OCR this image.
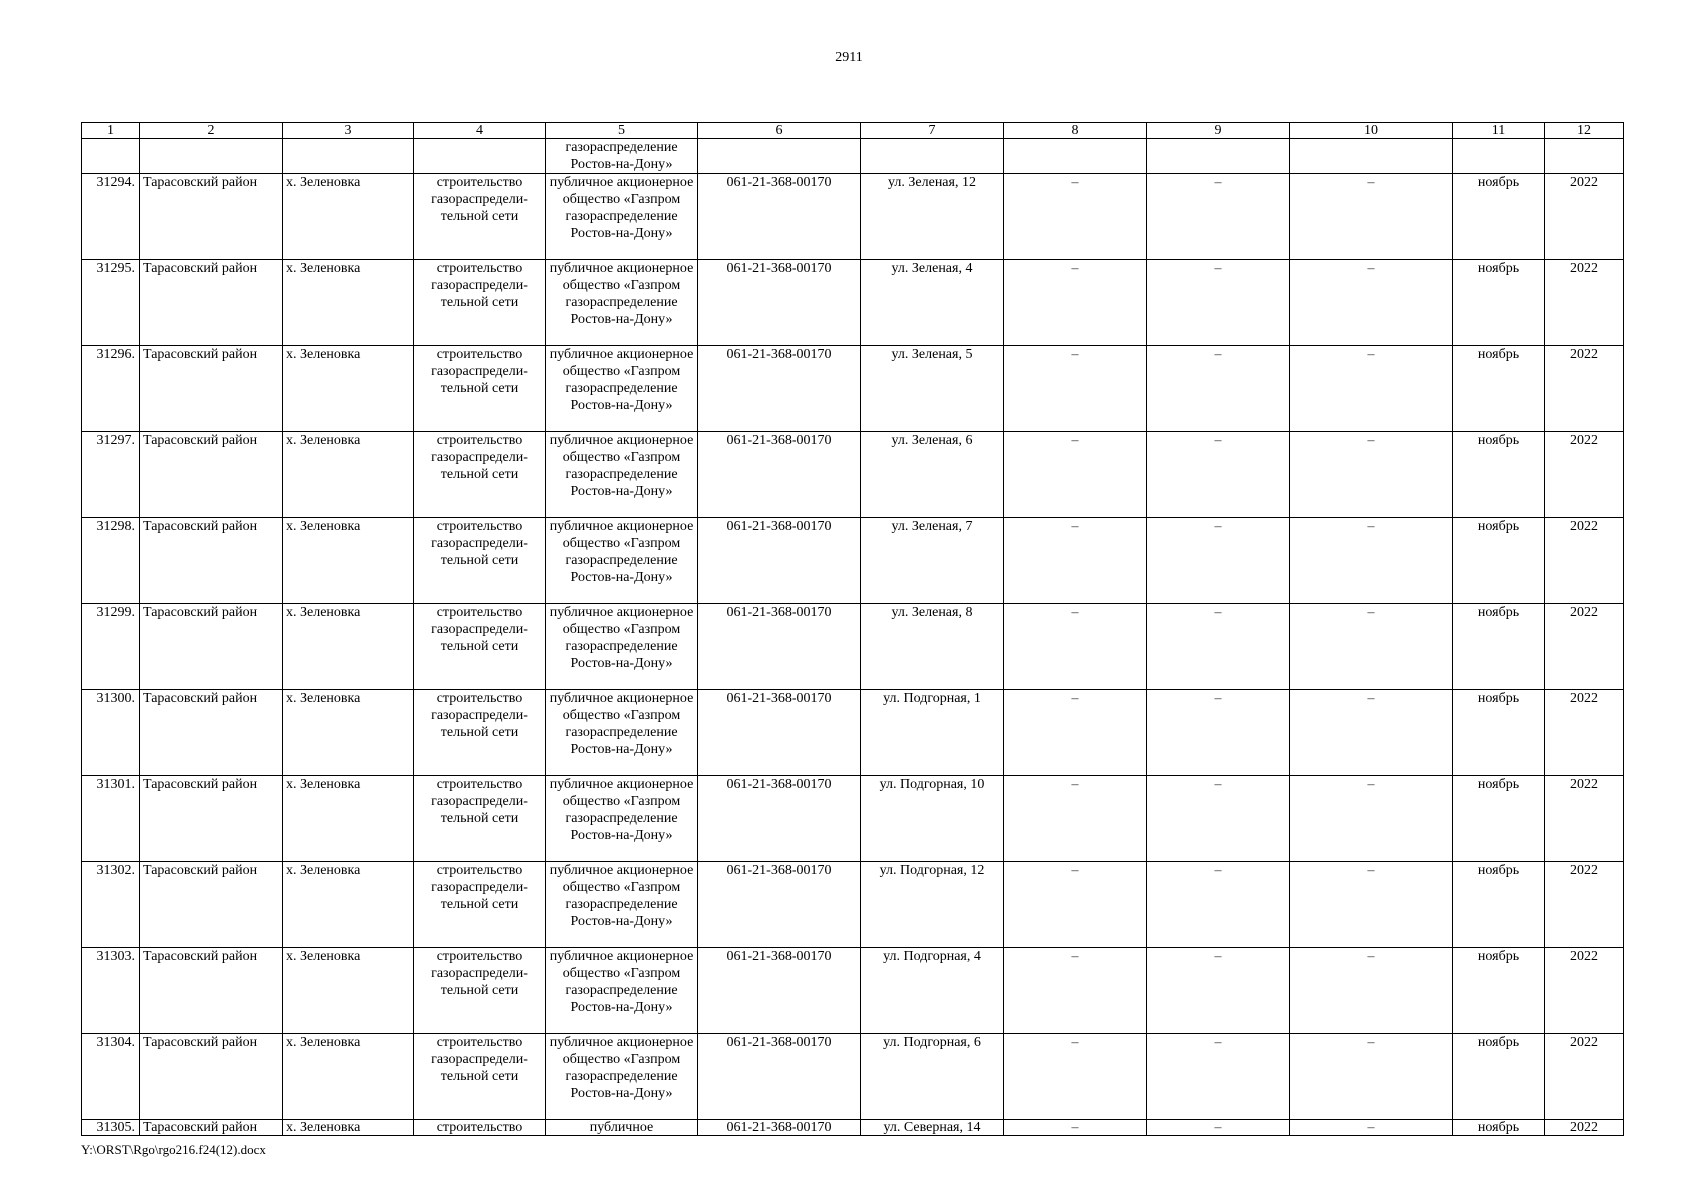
2911
1	2	3	4	5	6	7	8	9	10	11	12
				газораспределение Ростов-на-Дону»							
31294.	Тарасовский район	х. Зеленовка	строительство газораспредели-тельной сети	публичное акционерное общество «Газпром газораспределение Ростов-на-Дону»	061-21-368-00170	ул. Зеленая, 12	–	–	–	ноябрь	2022
31295.	Тарасовский район	х. Зеленовка	строительство газораспредели-тельной сети	публичное акционерное общество «Газпром газораспределение Ростов-на-Дону»	061-21-368-00170	ул. Зеленая, 4	–	–	–	ноябрь	2022
31296.	Тарасовский район	х. Зеленовка	строительство газораспредели-тельной сети	публичное акционерное общество «Газпром газораспределение Ростов-на-Дону»	061-21-368-00170	ул. Зеленая, 5	–	–	–	ноябрь	2022
31297.	Тарасовский район	х. Зеленовка	строительство газораспредели-тельной сети	публичное акционерное общество «Газпром газораспределение Ростов-на-Дону»	061-21-368-00170	ул. Зеленая, 6	–	–	–	ноябрь	2022
31298.	Тарасовский район	х. Зеленовка	строительство газораспредели-тельной сети	публичное акционерное общество «Газпром газораспределение Ростов-на-Дону»	061-21-368-00170	ул. Зеленая, 7	–	–	–	ноябрь	2022
31299.	Тарасовский район	х. Зеленовка	строительство газораспредели-тельной сети	публичное акционерное общество «Газпром газораспределение Ростов-на-Дону»	061-21-368-00170	ул. Зеленая, 8	–	–	–	ноябрь	2022
31300.	Тарасовский район	х. Зеленовка	строительство газораспредели-тельной сети	публичное акционерное общество «Газпром газораспределение Ростов-на-Дону»	061-21-368-00170	ул. Подгорная, 1	–	–	–	ноябрь	2022
31301.	Тарасовский район	х. Зеленовка	строительство газораспредели-тельной сети	публичное акционерное общество «Газпром газораспределение Ростов-на-Дону»	061-21-368-00170	ул. Подгорная, 10	–	–	–	ноябрь	2022
31302.	Тарасовский район	х. Зеленовка	строительство газораспредели-тельной сети	публичное акционерное общество «Газпром газораспределение Ростов-на-Дону»	061-21-368-00170	ул. Подгорная, 12	–	–	–	ноябрь	2022
31303.	Тарасовский район	х. Зеленовка	строительство газораспредели-тельной сети	публичное акционерное общество «Газпром газораспределение Ростов-на-Дону»	061-21-368-00170	ул. Подгорная, 4	–	–	–	ноябрь	2022
31304.	Тарасовский район	х. Зеленовка	строительство газораспредели-тельной сети	публичное акционерное общество «Газпром газораспределение Ростов-на-Дону»	061-21-368-00170	ул. Подгорная, 6	–	–	–	ноябрь	2022

31305.	Тарасовский район	х. Зеленовка	строительство	публичное	061-21-368-00170	ул. Северная, 14	–	–	–	ноябрь	2022
Y:\ORST\Rgo\rgo216.f24(12).docx
